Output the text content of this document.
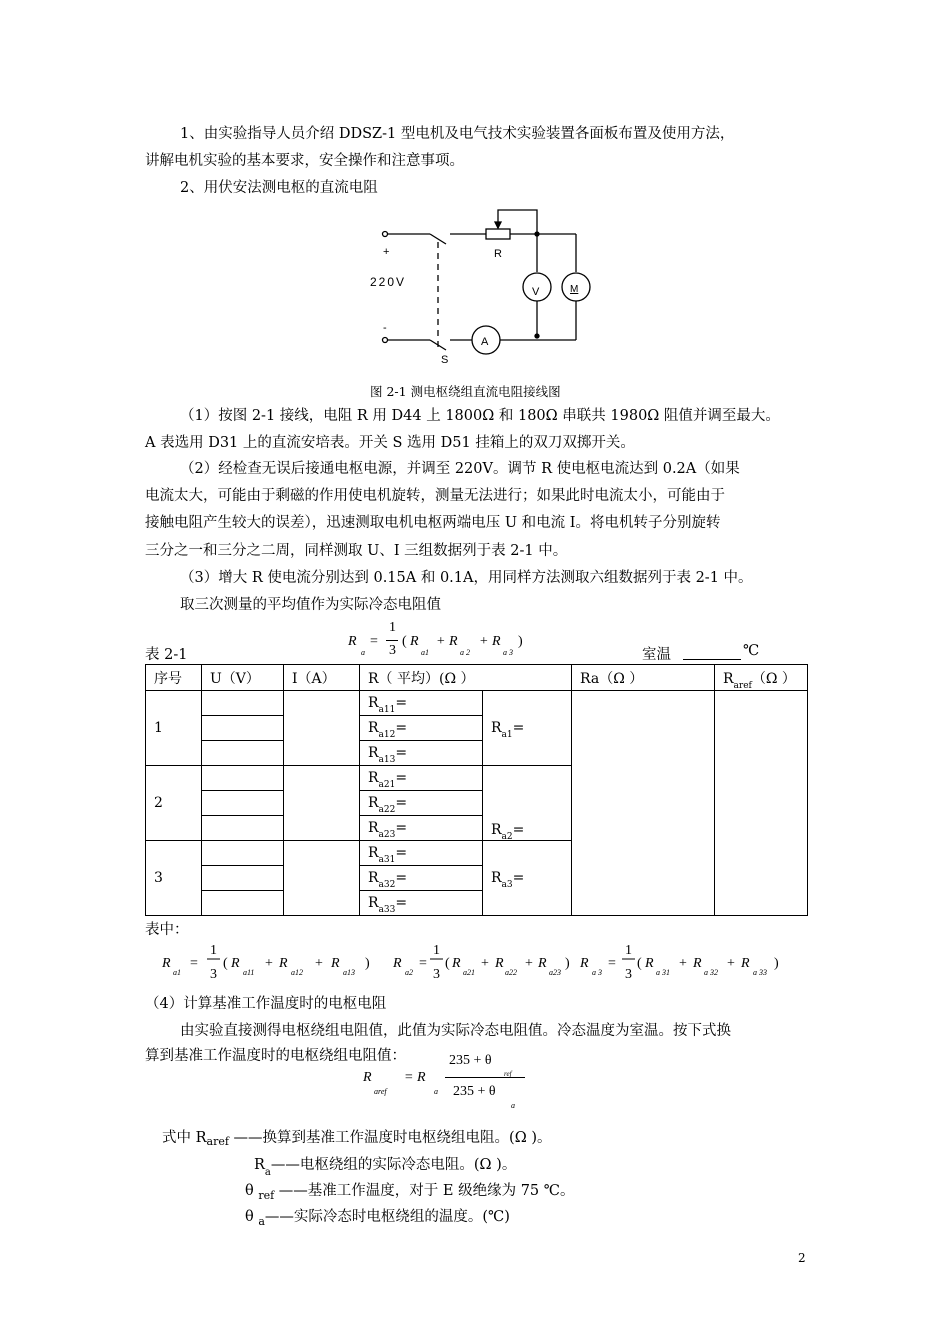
1、由实验指导人员介绍 DDSZ-1 型电机及电气技术实验装置各面板布置及使用方法，
讲解电机实验的基本要求，安全操作和注意事项。
2、用伏安法测电枢的直流电阻
+
-
220V
R
V	M
A
S
图 2-1 测电枢绕组直流电阻接线图
（1）按图 2-1 接线，电阻 R 用 D44 上 1800Ω 和 180Ω 串联共 1980Ω 阻值并调至最大。
A 表选用 D31 上的直流安培表。开关 S 选用 D51 挂箱上的双刀双掷开关。
（2）经检查无误后接通电枢电源，并调至 220V。调节 R 使电枢电流达到 0.2A（如果
电流太大，可能由于剩磁的作用使电机旋转，测量无法进行；如果此时电流太小，可能由于
接触电阻产生较大的误差），迅速测取电机电枢两端电压 U 和电流 I。将电机转子分别旋转
三分之一和三分之二周，同样测取 U、I 三组数据列于表 2-1 中。
（3）增大 R 使电流分别达到 0.15A 和 0.1A，用同样方法测取六组数据列于表 2-1 中。
取三次测量的平均值作为实际冷态电阻值
R
a
=
1
3
( R
a1
+ R
a 2
+ R
a 3
)
表 2-1	室温	℃
序号	U（V）	I（A）	R（ 平均）(Ω ）		Ra（Ω ）	$R_{aref}(\Omega$ ）
1			$R_{a11}=$	$R_{a1}=$		
			$R_{a12}=$			
			$R_{a13}=$			
2			$R_{a21}=$	$R_{a2}=$		
			$R_{a22}=$			
			$R_{a23}=$			
3			$R_{a31}=$	$R_{a3}=$		
			$R_{a32}=$			
			$R_{a33}=$			
表中：
R
a1
=
1
3
( R
a11
+ R
a12
+ R
a13
) R
a2
=
1
3
( R
a21
+ R
a22
+ R
a23
) R
a 3
=
1
3
( R
a 31
+ R
a 32
+ R
a 33
)
（4）计算基准工作温度时的电枢电阻
由实验直接测得电枢绕组电阻值，此值为实际冷态电阻值。冷态温度为室温。按下式换
算到基准工作温度时的电枢绕组电阻值：
R
aref
= R
a
235 + θ
ref
235 + θ
a
式中 $R_{aref}$ ——换算到基准工作温度时电枢绕组电阻。(Ω )。
$R_a——$电枢绕组的实际冷态电阻。(Ω )。
θ $_{ref}$ ——基准工作温度，对于 E 级绝缘为 75 ℃。
θ $_a$——实际冷态时电枢绕组的温度。(℃)
2
